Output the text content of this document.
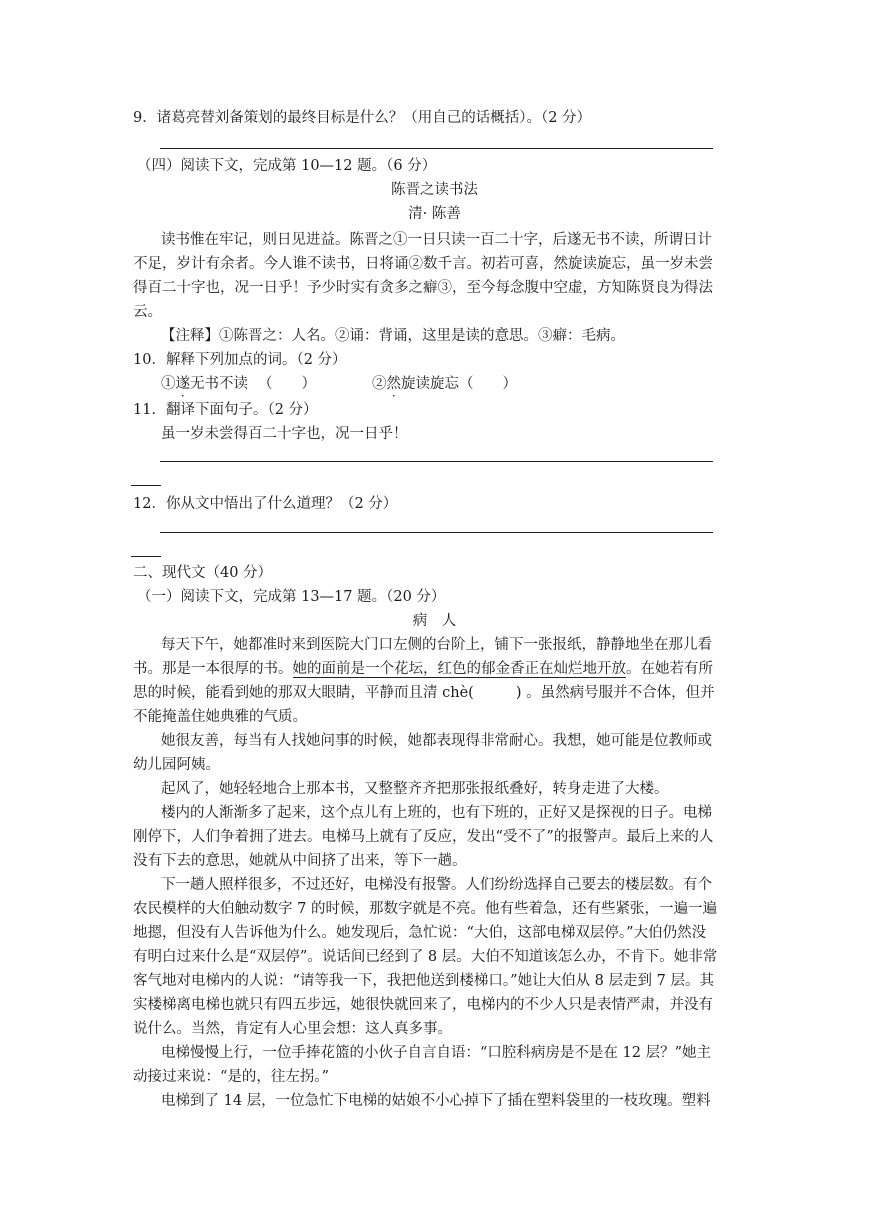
9．诸葛亮替刘备策划的最终目标是什么？（用自己的话概括）。（2 分）
（四）阅读下文，完成第 10—12 题。（6 分）
陈晋之读书法
清· 陈善
读书惟在牢记，则日见进益。陈晋之①一日只读一百二十字，后遂无书不读，所谓日计
不足，岁计有余者。今人谁不读书，日将诵②数千言。初若可喜，然旋读旋忘，虽一岁未尝
得百二十字也，况一日乎！予少时实有贪多之癖③，至今每念腹中空虚，方知陈贤良为得法
云。
【注释】①陈晋之：人名。②诵：背诵，这里是读的意思。③癖：毛病。
10．解释下列加点的词。（2 分）
①遂无书不读 （　　）	②然旋读旋忘（　　）
11．翻译下面句子。（2 分）
虽一岁未尝得百二十字也，况一日乎！
12．你从文中悟出了什么道理？（2 分）
二、现代文（40 分）
（一）阅读下文，完成第 13—17 题。（20 分）
病　人
每天下午，她都准时来到医院大门口左侧的台阶上，铺下一张报纸，静静地坐在那儿看
书。那是一本很厚的书。她的面前是一个花坛，红色的郁金香正在灿烂地开放。在她若有所
思的时候，能看到她的那双大眼睛，平静而且清 chè(	) 。虽然病号服并不合体，但并
不能掩盖住她典雅的气质。
她很友善，每当有人找她问事的时候，她都表现得非常耐心。我想，她可能是位教师或
幼儿园阿姨。
起风了，她轻轻地合上那本书，又整整齐齐把那张报纸叠好，转身走进了大楼。
楼内的人渐渐多了起来，这个点儿有上班的，也有下班的，正好又是探视的日子。电梯
刚停下，人们争着拥了进去。电梯马上就有了反应，发出“受不了”的报警声。最后上来的人
没有下去的意思，她就从中间挤了出来，等下一趟。
下一趟人照样很多，不过还好，电梯没有报警。人们纷纷选择自己要去的楼层数。有个
农民模样的大伯触动数字 7 的时候，那数字就是不亮。他有些着急，还有些紧张，一遍一遍
地摁，但没有人告诉他为什么。她发现后，急忙说：“大伯，这部电梯双层停。”大伯仍然没
有明白过来什么是“双层停”。说话间已经到了 8 层。大伯不知道该怎么办，不肯下。她非常
客气地对电梯内的人说：“请等我一下，我把他送到楼梯口。”她让大伯从 8 层走到 7 层。其
实楼梯离电梯也就只有四五步远，她很快就回来了，电梯内的不少人只是表情严肃，并没有
说什么。当然，肯定有人心里会想：这人真多事。
电梯慢慢上行，一位手捧花篮的小伙子自言自语：“口腔科病房是不是在 12 层？”她主
动接过来说：“是的，往左拐。”
电梯到了 14 层，一位急忙下电梯的姑娘不小心掉下了插在塑料袋里的一枝玫瑰。塑料
